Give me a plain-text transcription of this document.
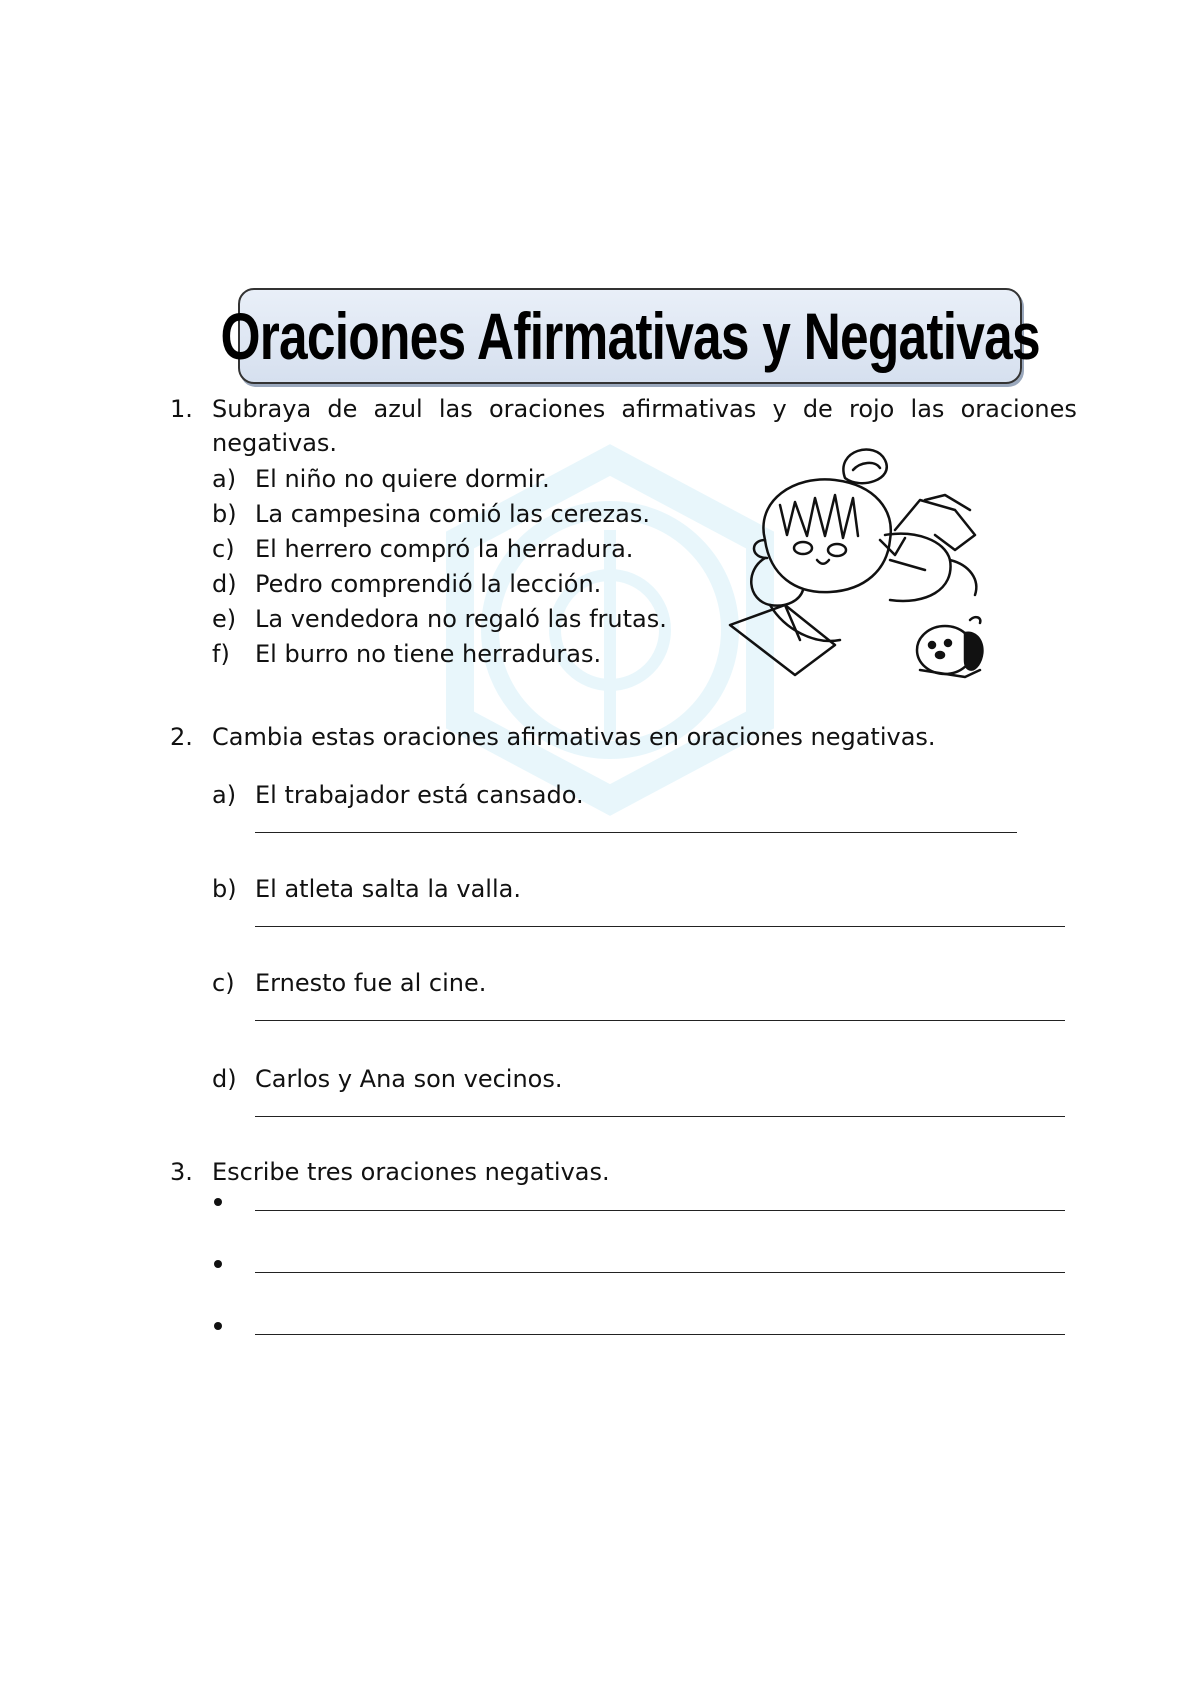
Oraciones Afirmativas y Negativas
1. Subraya de azul las oraciones afirmativas y de rojo las oraciones
negativas.
a) El niño no quiere dormir.
b) La campesina comió las cerezas.
c) El herrero compró la herradura.
d) Pedro comprendió la lección.
e) La vendedora no regaló las frutas.
f)	El burro no tiene herraduras.
2. Cambia estas oraciones afirmativas en oraciones negativas.
a) El trabajador está cansado.
b) El atleta salta la valla.
c) Ernesto fue al cine.
d) Carlos y Ana son vecinos.
3. Escribe tres oraciones negativas.
